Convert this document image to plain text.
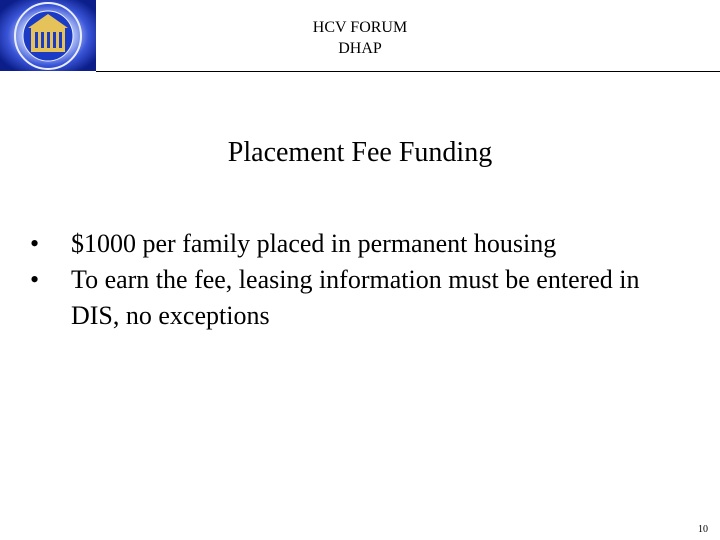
HCV FORUM
DHAP
Placement Fee Funding
•	$1000 per family placed in permanent housing
•	To earn the fee, leasing information must be entered in DIS, no exceptions
10
